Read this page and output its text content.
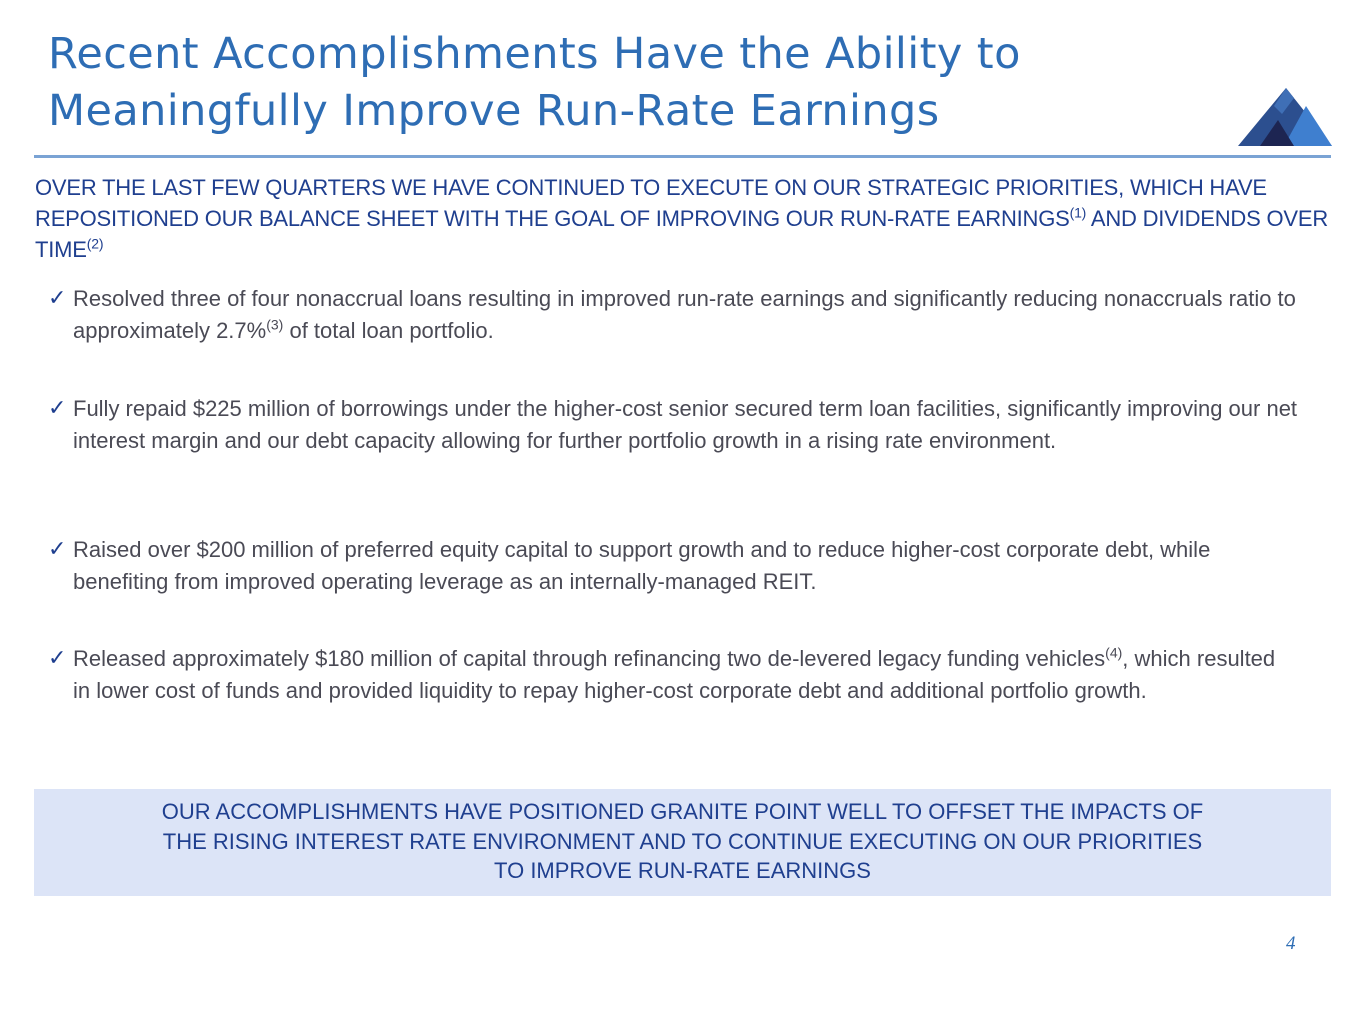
Recent Accomplishments Have the Ability to
Meaningfully Improve Run-Rate Earnings
OVER THE LAST FEW QUARTERS WE HAVE CONTINUED TO EXECUTE ON OUR STRATEGIC PRIORITIES, WHICH HAVE REPOSITIONED OUR BALANCE SHEET WITH THE GOAL OF IMPROVING OUR RUN-RATE EARNINGS$^{(1)}$ AND DIVIDENDS OVER TIME$^{(2)}$
✓ Resolved three of four nonaccrual loans resulting in improved run-rate earnings and significantly reducing nonaccruals ratio to approximately 2.7%$^{(3)}$ of total loan portfolio.
✓ Fully repaid $225 million of borrowings under the higher-cost senior secured term loan facilities, significantly improving our net interest margin and our debt capacity allowing for further portfolio growth in a rising rate environment.
✓ Raised over $200 million of preferred equity capital to support growth and to reduce higher-cost corporate debt, while benefiting from improved operating leverage as an internally-managed REIT.
✓ Released approximately $180 million of capital through refinancing two de-levered legacy funding vehicles$^{(4)}$, which resulted in lower cost of funds and provided liquidity to repay higher-cost corporate debt and additional portfolio growth.
OUR ACCOMPLISHMENTS HAVE POSITIONED GRANITE POINT WELL TO OFFSET THE IMPACTS OF
THE RISING INTEREST RATE ENVIRONMENT AND TO CONTINUE EXECUTING ON OUR PRIORITIES
TO IMPROVE RUN-RATE EARNINGS
4
